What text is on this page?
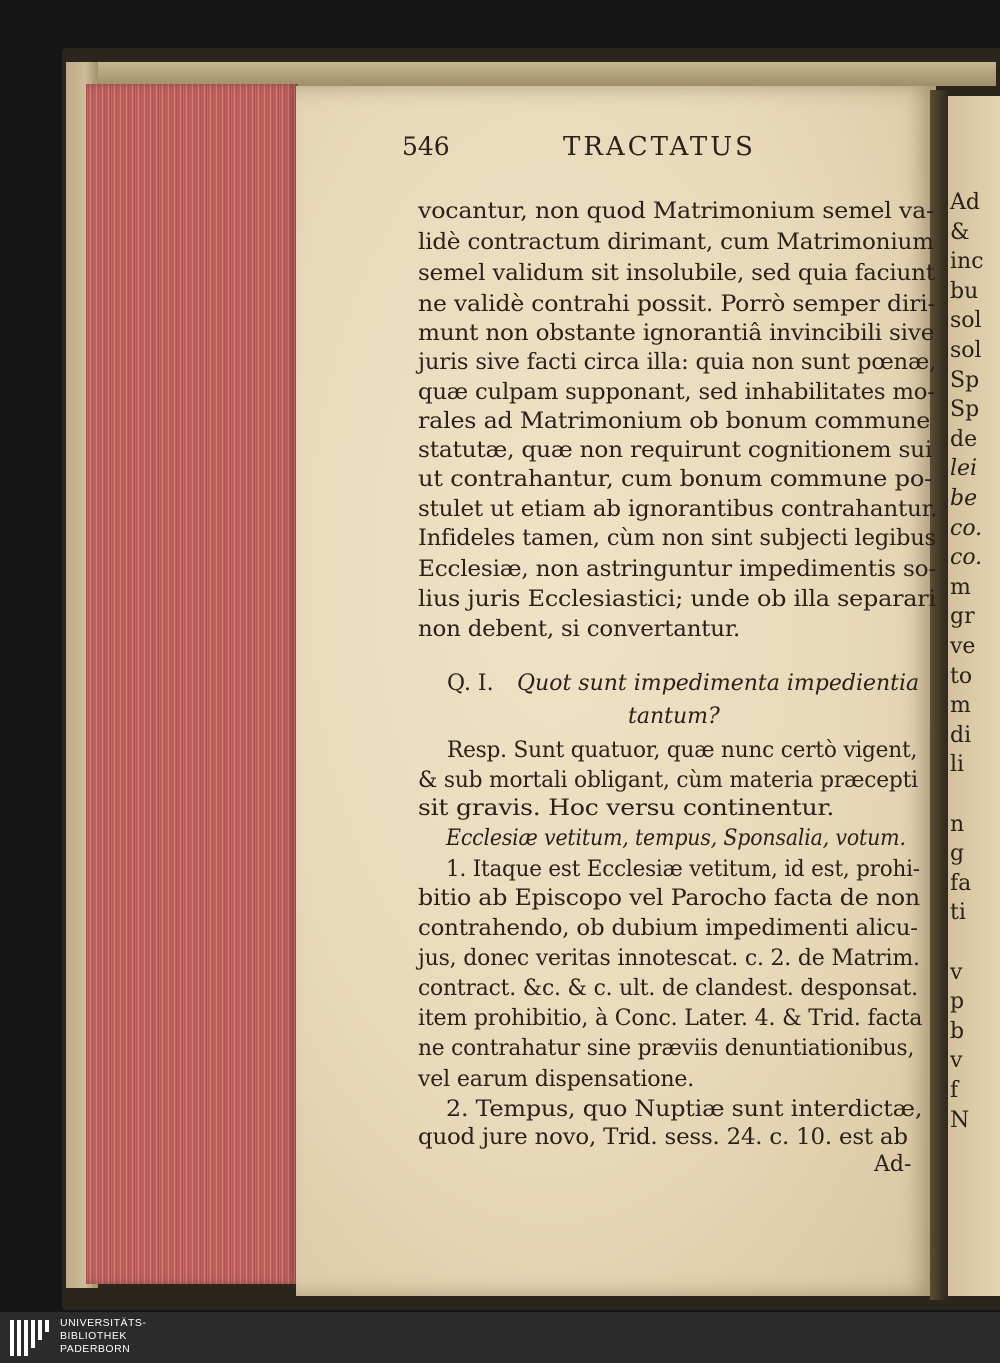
546	TRACTATUS
vocantur, non quod Matrimonium semel va-
lidè contractum dirimant, cum Matrimonium
semel validum sit insolubile, sed quia faciunt
ne validè contrahi possit. Porrò semper diri-
munt non obstante ignorantiâ invincibili sive
juris sive facti circa illa: quia non sunt pœnæ,
quæ culpam supponant, sed inhabilitates mo-
rales ad Matrimonium ob bonum commune
statutæ, quæ non requirunt cognitionem sui
ut contrahantur, cum bonum commune po-
stulet ut etiam ab ignorantibus contrahantur.
Infideles tamen, cùm non sint subjecti legibus
Ecclesiæ, non astringuntur impedimentis so-
lius juris Ecclesiastici; unde ob illa separari
non debent, si convertantur.
Q. I. Quot sunt impedimenta impedientia
tantum?
Resp. Sunt quatuor, quæ nunc certò vigent,
& sub mortali obligant, cùm materia præcepti
sit gravis. Hoc versu continentur.
Ecclesiæ vetitum, tempus, Sponsalia, votum.
1. Itaque est Ecclesiæ vetitum, id est, prohi-
bitio ab Episcopo vel Parocho facta de non
contrahendo, ob dubium impedimenti alicu-
jus, donec veritas innotescat. c. 2. de Matrim.
contract. &c. & c. ult. de clandest. desponsat.
item prohibitio, à Conc. Later. 4. & Trid. facta
ne contrahatur sine præviis denuntiationibus,
vel earum dispensatione.
2. Tempus, quo Nuptiæ sunt interdictæ,
quod jure novo, Trid. sess. 24. c. 10. est ab
Ad-
Ad
&
inc
bu
sol
sol
Sp
Sp
de
lei
be
co.
co.
m
gr
ve
to
m
di
li
n
g
fa
ti
v
p
b
v
f
N
UNIVERSITÄTS-
BIBLIOTHEK
PADERBORN
